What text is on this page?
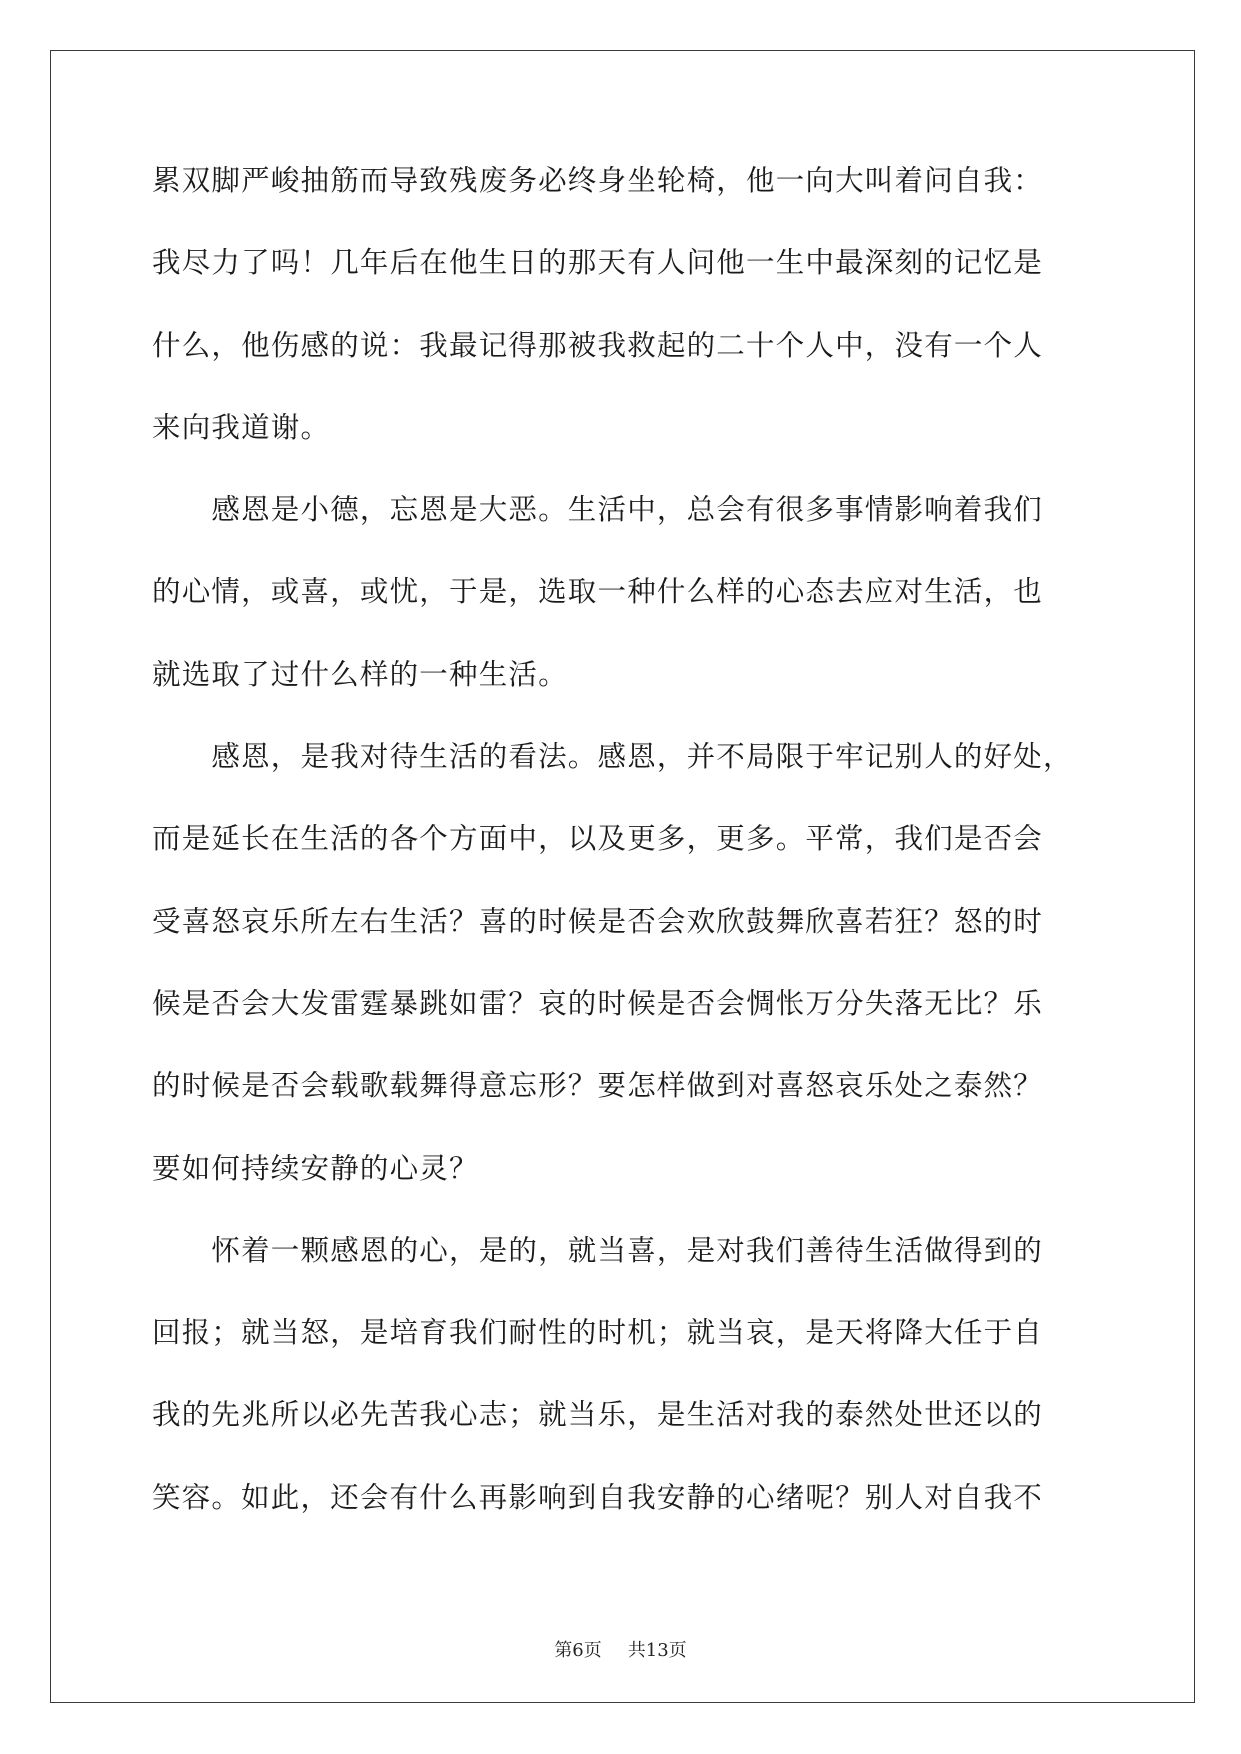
累双脚严峻抽筋而导致残废务必终身坐轮椅，他一向大叫着问自我：
我尽力了吗！几年后在他生日的那天有人问他一生中最深刻的记忆是
什么，他伤感的说：我最记得那被我救起的二十个人中，没有一个人
来向我道谢。
　　感恩是小德，忘恩是大恶。生活中，总会有很多事情影响着我们
的心情，或喜，或忧，于是，选取一种什么样的心态去应对生活，也
就选取了过什么样的一种生活。
　　感恩，是我对待生活的看法。感恩，并不局限于牢记别人的好处，
而是延长在生活的各个方面中，以及更多，更多。平常，我们是否会
受喜怒哀乐所左右生活？喜的时候是否会欢欣鼓舞欣喜若狂？怒的时
候是否会大发雷霆暴跳如雷？哀的时候是否会惆怅万分失落无比？乐
的时候是否会载歌载舞得意忘形？要怎样做到对喜怒哀乐处之泰然？
要如何持续安静的心灵？
　　怀着一颗感恩的心，是的，就当喜，是对我们善待生活做得到的
回报；就当怒，是培育我们耐性的时机；就当哀，是天将降大任于自
我的先兆所以必先苦我心志；就当乐，是生活对我的泰然处世还以的
笑容。如此，还会有什么再影响到自我安静的心绪呢？别人对自我不
第6页 共13页
